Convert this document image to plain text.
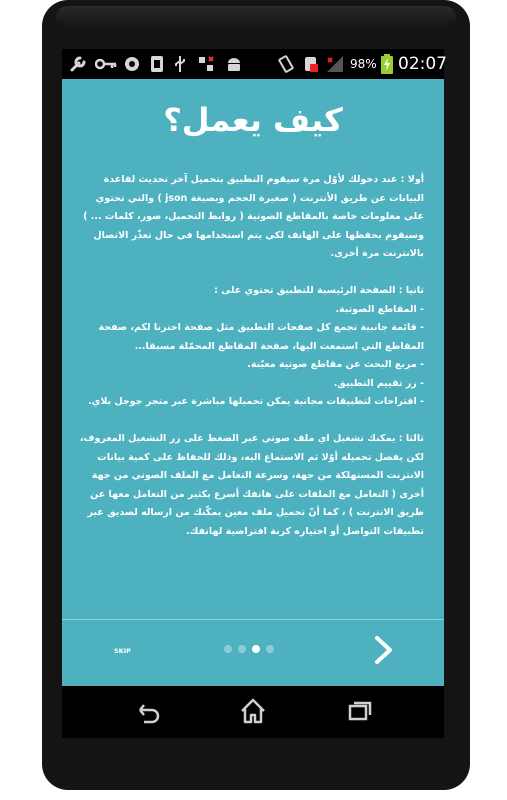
98% 02:07
كيف يعمل؟
أولا : عند دخولك لأوّل مرة سيقوم التطبيق بتحميل آخر تحديث لقاعدة البيانات عن طريق الأنترنت ( صغيرة الحجم وبصيغة json ) والتي تحتوي على معلومات خاصة بالمقاطع الصوتية ( روابط التحميل، صور، كلمات ... ) وسيقوم بحفظها على الهاتف لكي يتم استخدامها في حال تعذّر الاتصال بالانترنت مرة أخرى.

ثانيا : الصفحة الرئيسية للتطبيق تحتوي على :
- المقاطع الصوتية.
- قائمة جانبية تجمع كل صفحات التطبيق مثل صفحة اخترنا لكم، صفحة المقاطع التي استمعت اليها، صفحة المقاطع المحمّلة مسبقا...
- مربع البحث عن مقاطع صوتية معيّنة.
- زر تقييم التطبيق.
- اقتراحات لتطبيقات مجانية يمكن تحميلها مباشرة عبر متجر جوجل بلاي.

ثالثا : يمكنك تشغيل اي ملف صوتي عبر الضغط على زر التشغيل المعروف، لكن يفضل تحميله أوّلا ثم الاستماع اليه، وذلك للحفاظ على كمية بيانات الانترنت المستهلكة من جهة، وسرعة التعامل مع الملف الصوتي من جهة أخرى ( التعامل مع الملفات على هاتفك أسرع بكثير من التعامل معها عن طريق الانترنت ) ، كما أنّ تحميل ملف معين يمكّنك من ارساله لصديق عبر تطبيقات التواصل أو اختياره كرنة افتراضية لهاتفك.
SKIP
